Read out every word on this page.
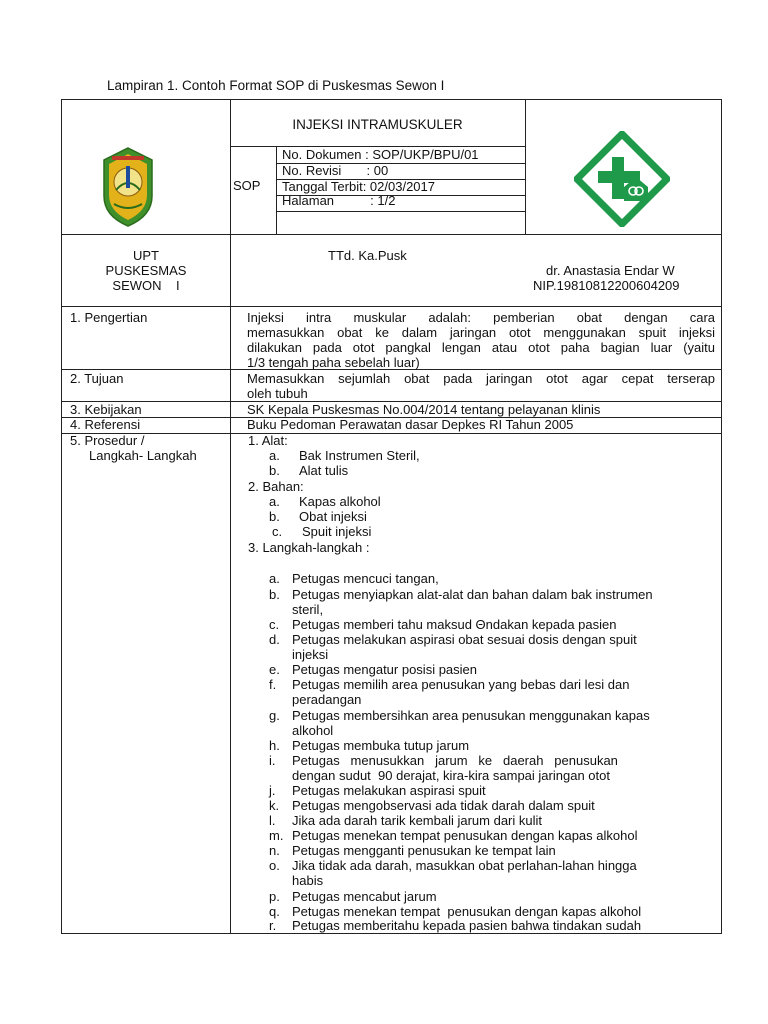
Lampiran 1. Contoh Format SOP di Puskesmas Sewon I
INJEKSI INTRAMUSKULER
SOP
No. Dokumen : SOP/UKP/BPU/01
No. Revisi       : 00
Tanggal Terbit: 02/03/2017
Halaman          : 1/2
UPT
PUSKESMAS
SEWON    I
TTd. Ka.Pusk
dr. Anastasia Endar W
NIP.19810812200604209
1. Pengertian	Injeksi intra muskular adalah: pemberian obat dengan cara
memasukkan obat ke dalam jaringan otot menggunakan spuit injeksi
dilakukan pada otot pangkal lengan atau otot paha bagian luar (yaitu
1/3 tengah paha sebelah luar)
2. Tujuan	Memasukkan sejumlah obat pada jaringan otot agar cepat terserap
oleh tubuh
3. Kebijakan	SK Kepala Puskesmas No.004/2014 tentang pelayanan klinis
4. Referensi	Buku Pedoman Perawatan dasar Depkes RI Tahun 2005
5. Prosedur /
Langkah- Langkah
1. Alat:
a. Bak Instrumen Steril,
b. Alat tulis
2. Bahan:
a. Kapas alkohol
b. Obat injeksi
c. Spuit injeksi
3. Langkah-langkah :
a. Petugas mencuci tangan,
b. Petugas menyiapkan alat-alat dan bahan dalam bak instrumen
steril,
c. Petugas memberi tahu maksud Θndakan kepada pasien
d. Petugas melakukan aspirasi obat sesuai dosis dengan spuit
injeksi
e. Petugas mengatur posisi pasien
f. Petugas memilih area penusukan yang bebas dari lesi dan
peradangan
g. Petugas membersihkan area penusukan menggunakan kapas
alkohol
h. Petugas membuka tutup jarum
i. Petugas   menusukkan   jarum   ke   daerah   penusukan
dengan sudut  90 derajat, kira-kira sampai jaringan otot
j. Petugas melakukan aspirasi spuit
k. Petugas mengobservasi ada tidak darah dalam spuit
l. Jika ada darah tarik kembali jarum dari kulit
m. Petugas menekan tempat penusukan dengan kapas alkohol
n. Petugas mengganti penusukan ke tempat lain
o. Jika tidak ada darah, masukkan obat perlahan-lahan hingga
habis
p. Petugas mencabut jarum
q. Petugas menekan tempat  penusukan dengan kapas alkohol
r. Petugas memberitahu kepada pasien bahwa tindakan sudah
